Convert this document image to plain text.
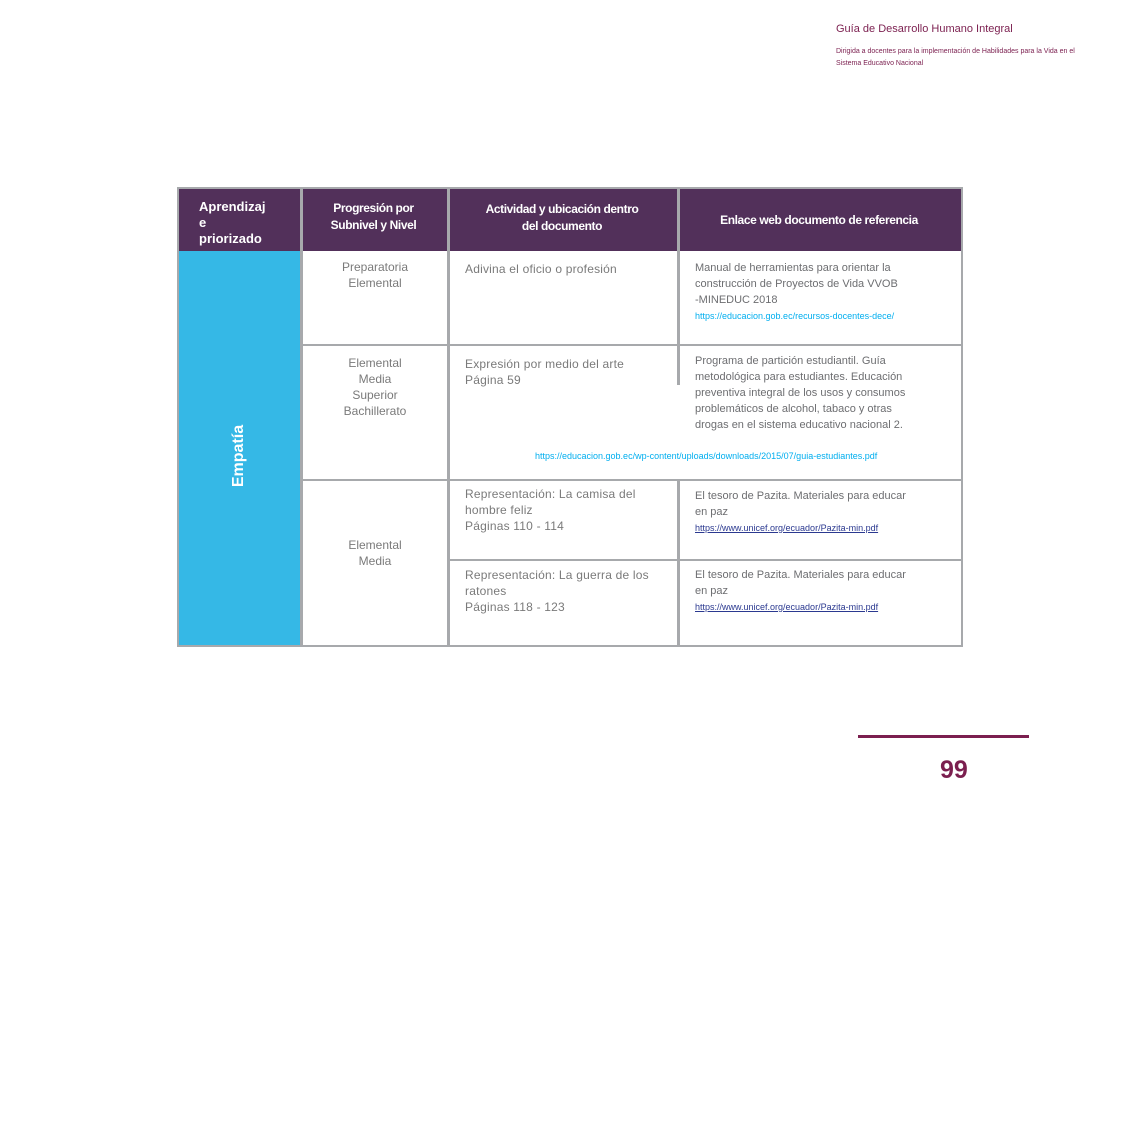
Guía de Desarrollo Humano Integral
Dirigida a docentes para la implementación de Habilidades para la Vida en el Sistema Educativo Nacional
Aprendizaj
e
priorizado
Progresión por
Subnivel y Nivel
Actividad y ubicación dentro
del documento	Enlace web documento de referencia
Empatía
Preparatoria
Elemental
Adivina el oficio o profesión	Manual de herramientas para orientar la
construcción de Proyectos de Vida VVOB
-MINEDUC 2018
https://educacion.gob.ec/recursos-docentes-dece/
Elemental
Media
Superior
Bachillerato
Expresión por medio del arte
Página 59
Programa de partición estudiantil. Guía
metodológica para estudiantes. Educación
preventiva integral de los usos y consumos
problemáticos de alcohol, tabaco y otras
drogas en el sistema educativo nacional 2.
https://educacion.gob.ec/wp-content/uploads/downloads/2015/07/guia-estudiantes.pdf
Elemental
Media
Representación: La camisa del
hombre feliz
Páginas 110 - 114
El tesoro de Pazita. Materiales para educar
en paz
https://www.unicef.org/ecuador/Pazita-min.pdf
Representación: La guerra de los
ratones
Páginas 118 - 123
El tesoro de Pazita. Materiales para educar
en paz
https://www.unicef.org/ecuador/Pazita-min.pdf
99
